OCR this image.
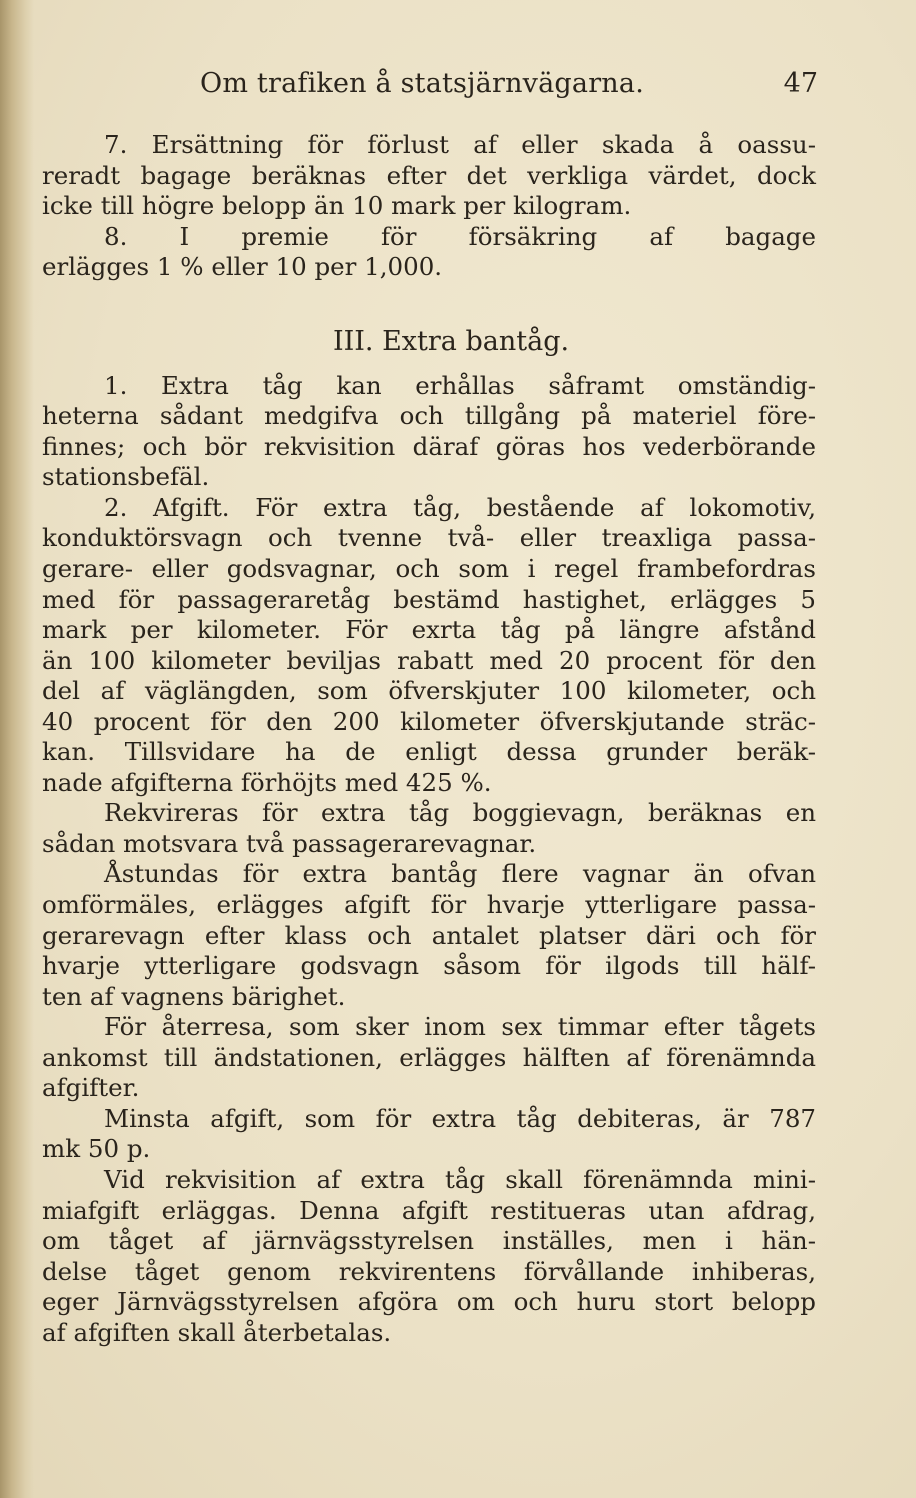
Om trafiken å statsjärnvägarna.	47
7. Ersättning för förlust af eller skada å oassu-
reradt bagage beräknas efter det verkliga värdet, dock
icke till högre belopp än 10 mark per kilogram.
8. I premie för försäkring af bagage
erlägges 1 % eller 10 per 1,000.
III. Extra bantåg.
1. Extra tåg kan erhållas såframt omständig-
heterna sådant medgifva och tillgång på materiel före-
finnes; och bör rekvisition däraf göras hos vederbörande
stationsbefäl.
2. Afgift. För extra tåg, bestående af lokomotiv,
konduktörsvagn och tvenne två- eller treaxliga passa-
gerare- eller godsvagnar, och som i regel frambefordras
med för passageraretåg bestämd hastighet, erlägges 5
mark per kilometer. För exrta tåg på längre afstånd
än 100 kilometer beviljas rabatt med 20 procent för den
del af väglängden, som öfverskjuter 100 kilometer, och
40 procent för den 200 kilometer öfverskjutande sträc-
kan. Tillsvidare ha de enligt dessa grunder beräk-
nade afgifterna förhöjts med 425 %.
Rekvireras för extra tåg boggievagn, beräknas en
sådan motsvara två passagerarevagnar.
Åstundas för extra bantåg flere vagnar än ofvan
omförmäles, erlägges afgift för hvarje ytterligare passa-
gerarevagn efter klass och antalet platser däri och för
hvarje ytterligare godsvagn såsom för ilgods till hälf-
ten af vagnens bärighet.
För återresa, som sker inom sex timmar efter tågets
ankomst till ändstationen, erlägges hälften af förenämnda
afgifter.
Minsta afgift, som för extra tåg debiteras, är 787
mk 50 p.
Vid rekvisition af extra tåg skall förenämnda mini-
miafgift erläggas. Denna afgift restitueras utan afdrag,
om tåget af järnvägsstyrelsen inställes, men i hän-
delse tåget genom rekvirentens förvållande inhiberas,
eger Järnvägsstyrelsen afgöra om och huru stort belopp
af afgiften skall återbetalas.
